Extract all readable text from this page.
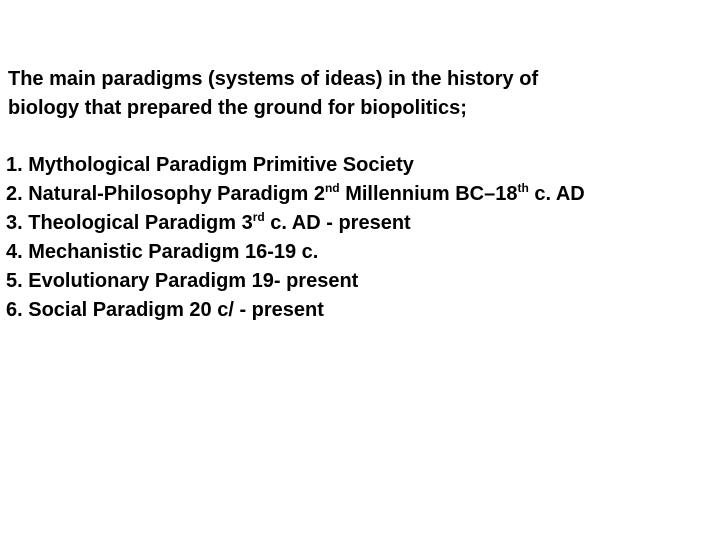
The main paradigms (systems of ideas) in the history of
biology that prepared the ground for biopolitics;
1. Mythological Paradigm Primitive Society
2. Natural-Philosophy Paradigm 2nd Millennium BC–18th c. AD
3. Theological Paradigm 3rd c. AD - present
4. Mechanistic Paradigm 16-19 c.
5. Evolutionary Paradigm 19- present
6. Social Paradigm 20 c/ - present
